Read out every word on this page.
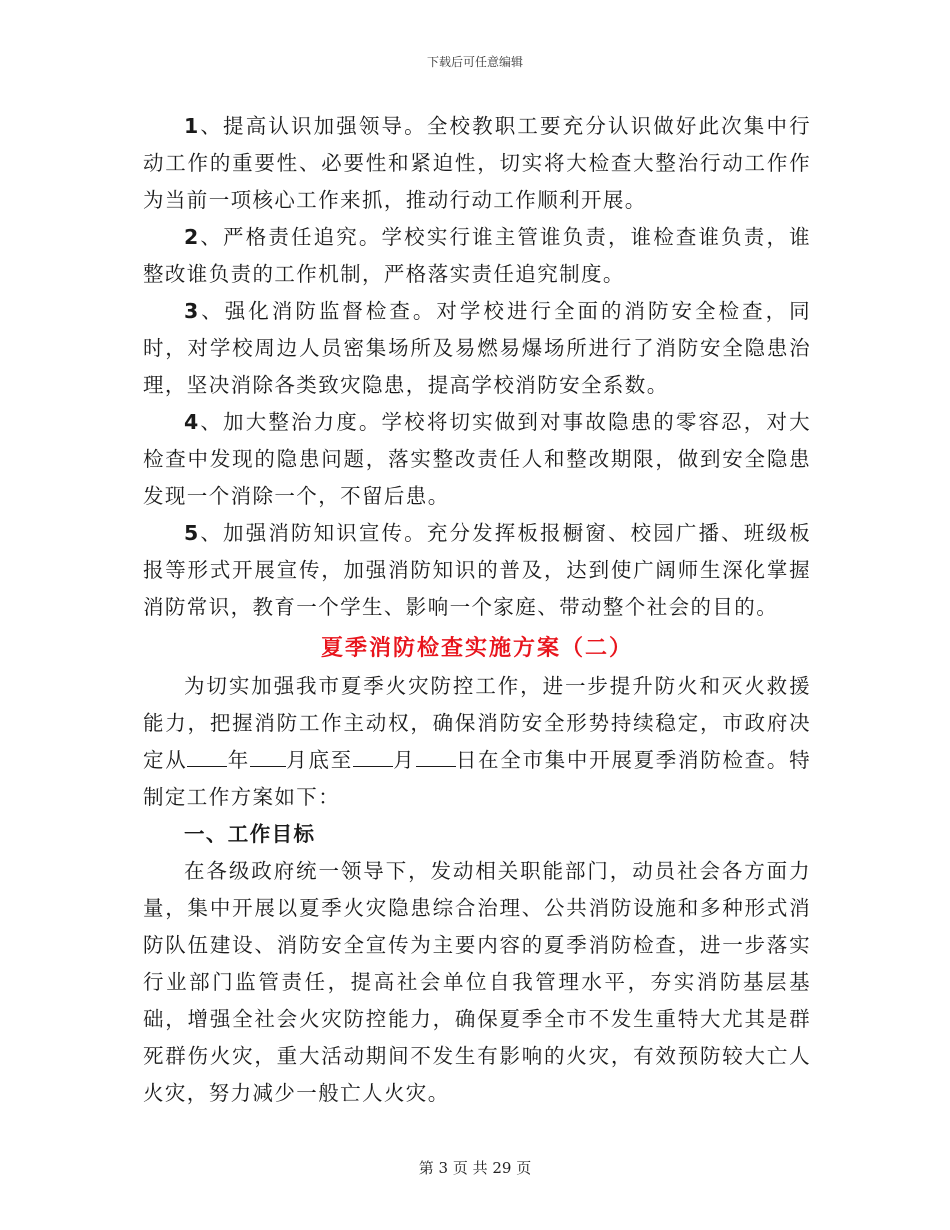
下载后可任意编辑

1、提高认识加强领导。全校教职工要充分认识做好此次集中行动工作的重要性、必要性和紧迫性，切实将大检查大整治行动工作作为当前一项核心工作来抓，推动行动工作顺利开展。

2、严格责任追究。学校实行谁主管谁负责，谁检查谁负责，谁整改谁负责的工作机制，严格落实责任追究制度。

3、强化消防监督检查。对学校进行全面的消防安全检查，同时，对学校周边人员密集场所及易燃易爆场所进行了消防安全隐患治理，坚决消除各类致灾隐患，提高学校消防安全系数。

4、加大整治力度。学校将切实做到对事故隐患的零容忍，对大检查中发现的隐患问题，落实整改责任人和整改期限，做到安全隐患发现一个消除一个，不留后患。

5、加强消防知识宣传。充分发挥板报橱窗、校园广播、班级板报等形式开展宣传，加强消防知识的普及，达到使广阔师生深化掌握消防常识，教育一个学生、影响一个家庭、带动整个社会的目的。

夏季消防检查实施方案（二）

为切实加强我市夏季火灾防控工作，进一步提升防火和灭火救援能力，把握消防工作主动权，确保消防安全形势持续稳定，市政府决定从 年 月底至 月 日在全市集中开展夏季消防检查。特制定工作方案如下：

一、工作目标

在各级政府统一领导下，发动相关职能部门，动员社会各方面力量，集中开展以夏季火灾隐患综合治理、公共消防设施和多种形式消防队伍建设、消防安全宣传为主要内容的夏季消防检查，进一步落实行业部门监管责任，提高社会单位自我管理水平，夯实消防基层基础，增强全社会火灾防控能力，确保夏季全市不发生重特大尤其是群死群伤火灾，重大活动期间不发生有影响的火灾，有效预防较大亡人火灾，努力减少一般亡人火灾。

第 3 页 共 29 页
